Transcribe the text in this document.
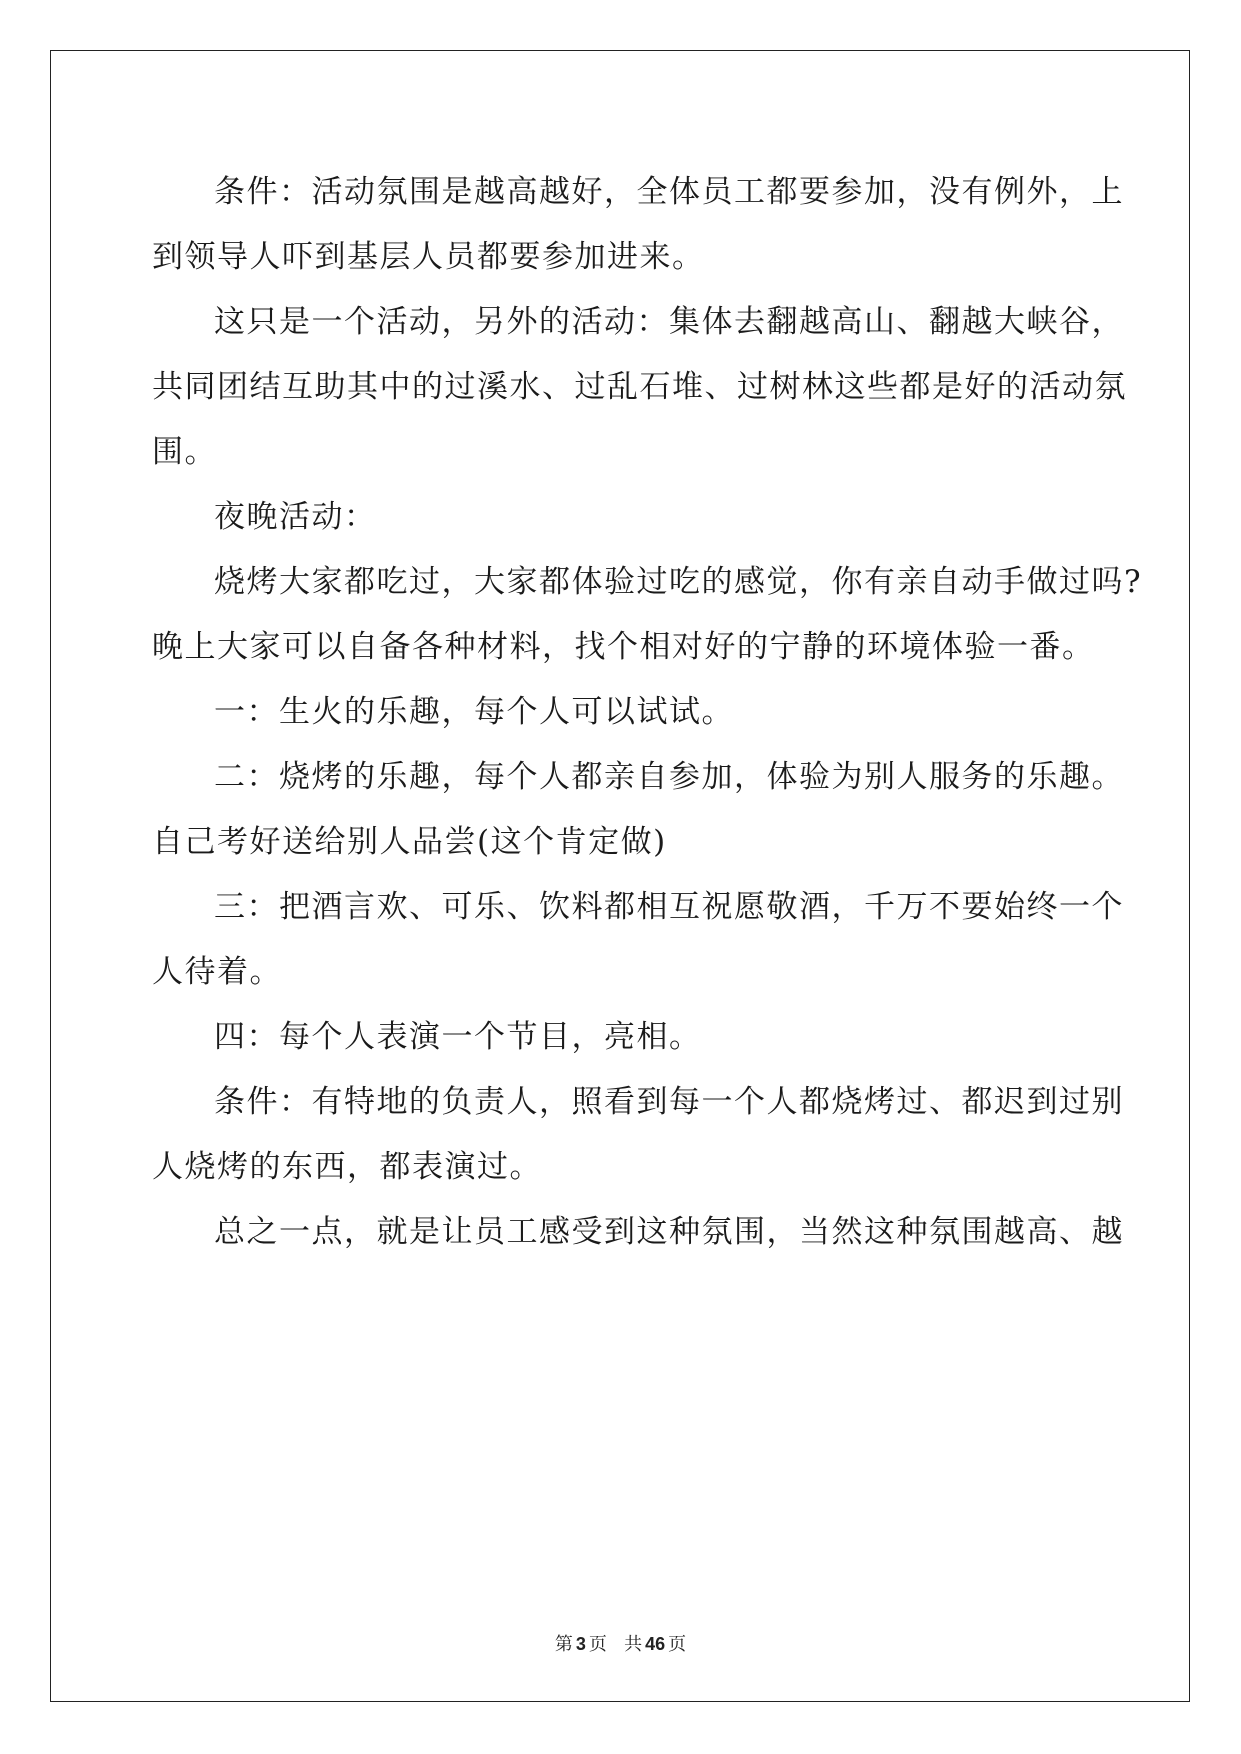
条件：活动氛围是越高越好，全体员工都要参加，没有例外，上
到领导人吓到基层人员都要参加进来。
这只是一个活动，另外的活动：集体去翻越高山、翻越大峡谷，
共同团结互助其中的过溪水、过乱石堆、过树林这些都是好的活动氛
围。
夜晚活动：
烧烤大家都吃过，大家都体验过吃的感觉，你有亲自动手做过吗?
晚上大家可以自备各种材料，找个相对好的宁静的环境体验一番。
一：生火的乐趣，每个人可以试试。
二：烧烤的乐趣，每个人都亲自参加，体验为别人服务的乐趣。
自己考好送给别人品尝(这个肯定做)
三：把酒言欢、可乐、饮料都相互祝愿敬酒，千万不要始终一个
人待着。
四：每个人表演一个节目，亮相。
条件：有特地的负责人，照看到每一个人都烧烤过、都迟到过别
人烧烤的东西，都表演过。
总之一点，就是让员工感受到这种氛围，当然这种氛围越高、越
第 3 页 共 46 页
